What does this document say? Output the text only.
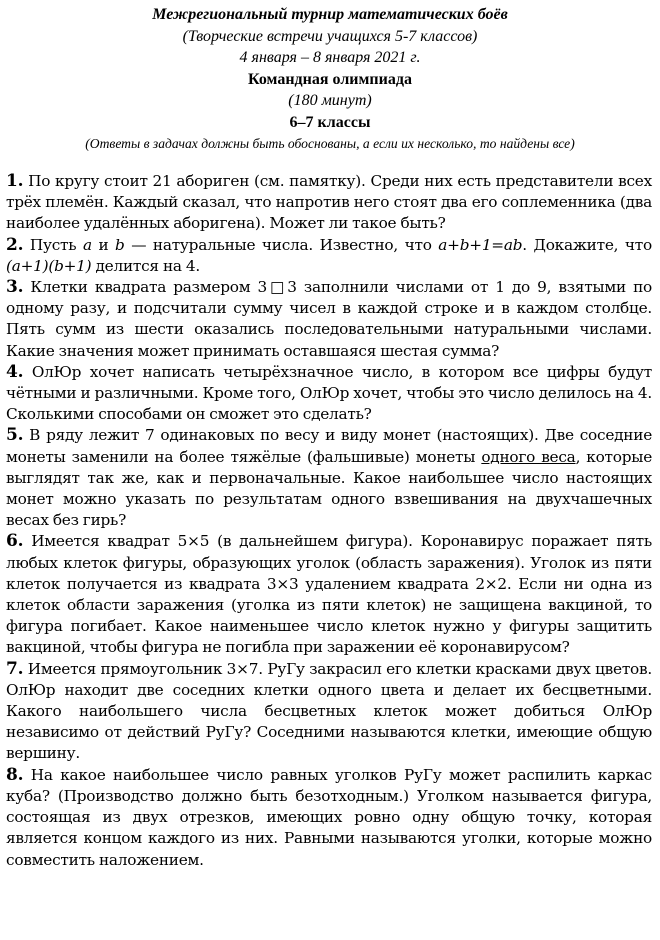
Межрегиональный турнир математических боёв
(Творческие встречи учащихся 5-7 классов)
4 января – 8 января 2021 г.
Командная олимпиада
(180 минут)
6–7 классы
(Ответы в задачах должны быть обоснованы, а если их несколько, то найдены все)
1. По кругу стоит 21 абориген (см. памятку). Среди них есть представители всех трёх племён. Каждый сказал, что напротив него стоят два его соплеменника (два наиболее удалённых аборигена). Может ли такое быть?
2. Пусть a и b — натуральные числа. Известно, что a+b+1=ab. Докажите, что (a+1)(b+1) делится на 4.
3. Клетки квадрата размером 3□3 заполнили числами от 1 до 9, взятыми по одному разу, и подсчитали сумму чисел в каждой строке и в каждом столбце. Пять сумм из шести оказались последовательными натуральными числами. Какие значения может принимать оставшаяся шестая сумма?
4. ОлЮр хочет написать четырёхзначное число, в котором все цифры будут чётными и различными. Кроме того, ОлЮр хочет, чтобы это число делилось на 4. Сколькими способами он сможет это сделать?
5. В ряду лежит 7 одинаковых по весу и виду монет (настоящих). Две соседние монеты заменили на более тяжёлые (фальшивые) монеты одного веса, которые выглядят так же, как и первоначальные. Какое наибольшее число настоящих монет можно указать по результатам одного взвешивания на двухчашечных весах без гирь?
6. Имеется квадрат 5×5 (в дальнейшем фигура). Коронавирус поражает пять любых клеток фигуры, образующих уголок (область заражения). Уголок из пяти клеток получается из квадрата 3×3 удалением квадрата 2×2. Если ни одна из клеток области заражения (уголка из пяти клеток) не защищена вакциной, то фигура погибает. Какое наименьшее число клеток нужно у фигуры защитить вакциной, чтобы фигура не погибла при заражении её коронавирусом?
7. Имеется прямоугольник 3×7. РуГу закрасил его клетки красками двух цветов. ОлЮр находит две соседних клетки одного цвета и делает их бесцветными. Какого наибольшего числа бесцветных клеток может добиться ОлЮр независимо от действий РуГу? Соседними называются клетки, имеющие общую вершину.
8. На какое наибольшее число равных уголков РуГу может распилить каркас куба? (Производство должно быть безотходным.) Уголком называется фигура, состоящая из двух отрезков, имеющих ровно одну общую точку, которая является концом каждого из них. Равными называются уголки, которые можно совместить наложением.
